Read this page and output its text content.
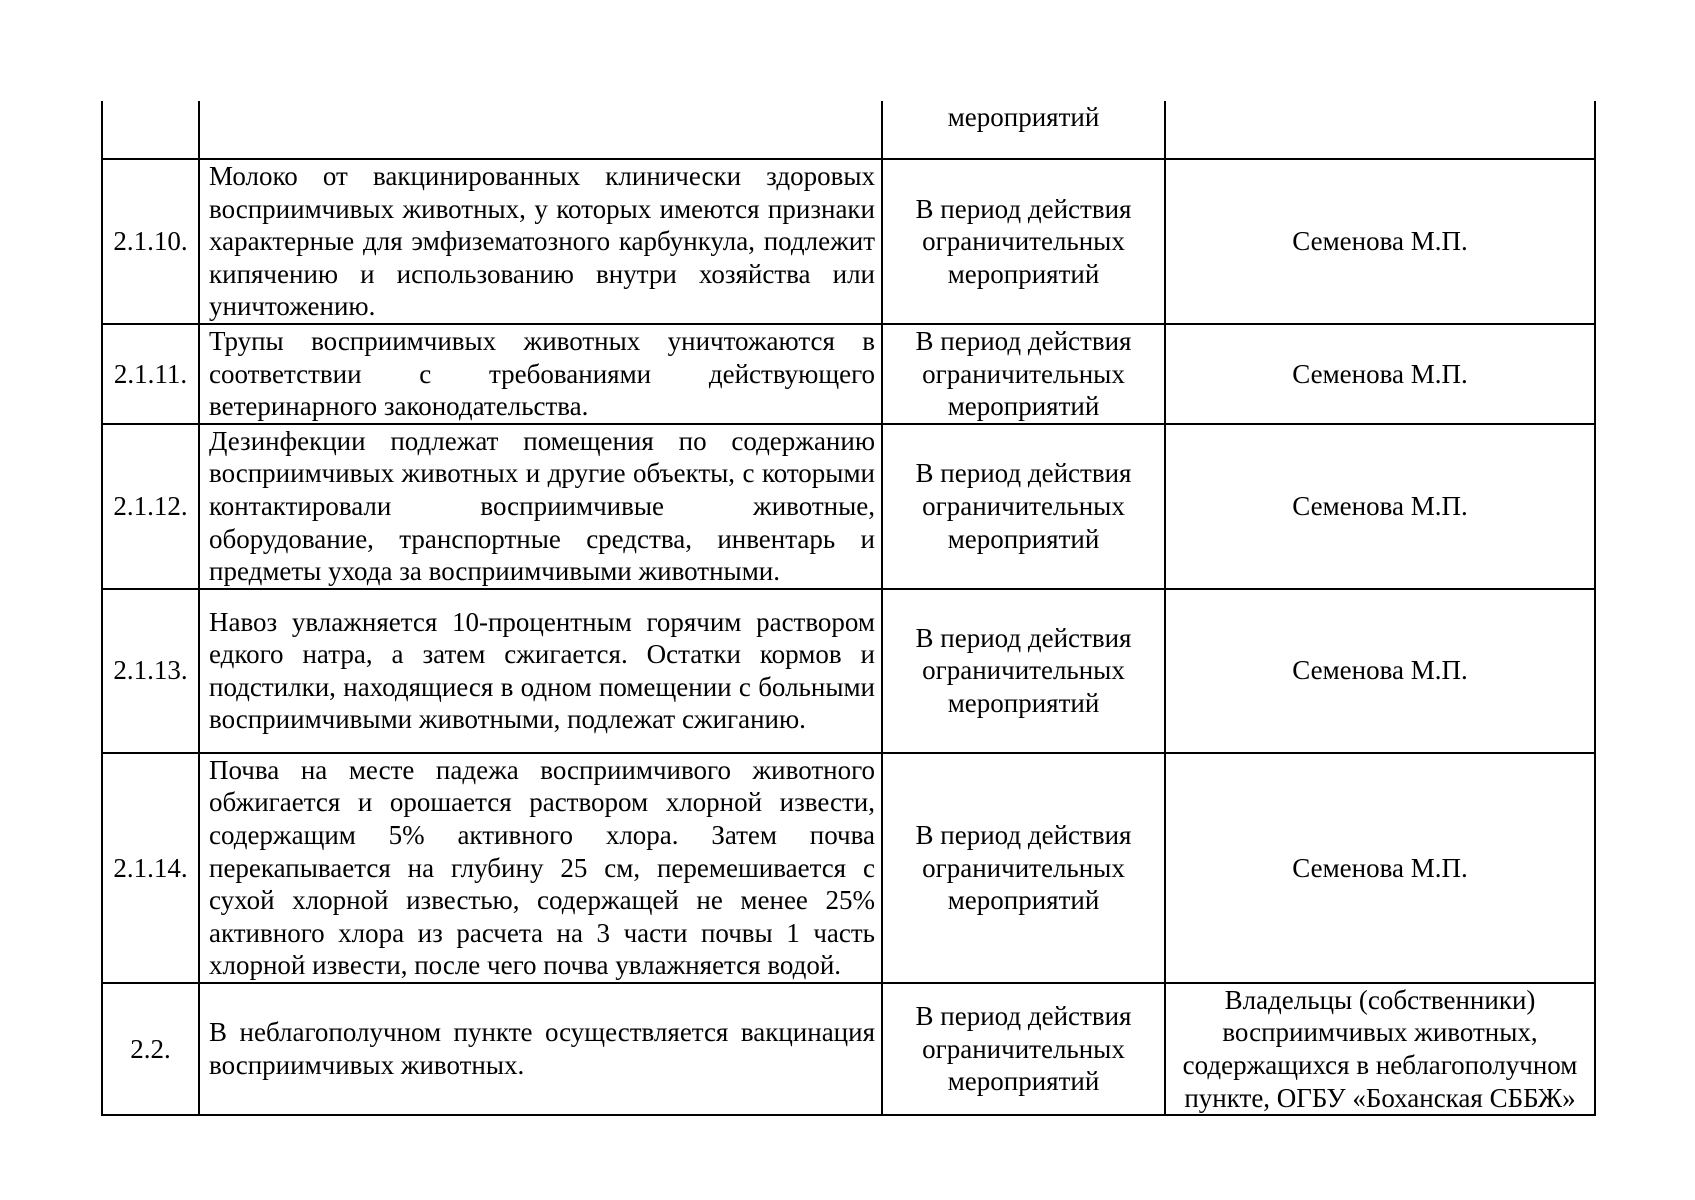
		мероприятий	

2.1.10.	Молоко от вакцинированных клинически здоровых восприимчивых животных, у которых имеются признаки характерные для эмфизематозного карбункула, подлежит кипячению и использованию внутри хозяйства или уничтожению.	В период действия ограничительных мероприятий	Семенова М.П.
2.1.11.	Трупы восприимчивых животных уничтожаются в соответствии с требованиями действующего ветеринарного законодательства.	В период действия ограничительных мероприятий	Семенова М.П.
2.1.12.	Дезинфекции подлежат помещения по содержанию восприимчивых животных и другие объекты, с которыми контактировали восприимчивые животные, оборудование, транспортные средства, инвентарь и предметы ухода за восприимчивыми животными.	В период действия ограничительных мероприятий	Семенова М.П.
2.1.13.	Навоз увлажняется 10-процентным горячим раствором едкого натра, а затем сжигается. Остатки кормов и подстилки, находящиеся в одном помещении с больными восприимчивыми животными, подлежат сжиганию.	В период действия ограничительных мероприятий	Семенова М.П.
2.1.14.	Почва на месте падежа восприимчивого животного обжигается и орошается раствором хлорной извести, содержащим 5% активного хлора. Затем почва перекапывается на глубину 25 см, перемешивается с сухой хлорной известью, содержащей не менее 25% активного хлора из расчета на 3 части почвы 1 часть хлорной извести, после чего почва увлажняется водой.	В период действия ограничительных мероприятий	Семенова М.П.
2.2.	В неблагополучном пункте осуществляется вакцинация восприимчивых животных.	В период действия ограничительных мероприятий	Владельцы (собственники) восприимчивых животных, содержащихся в неблагополучном пункте, ОГБУ «Боханская СББЖ»
